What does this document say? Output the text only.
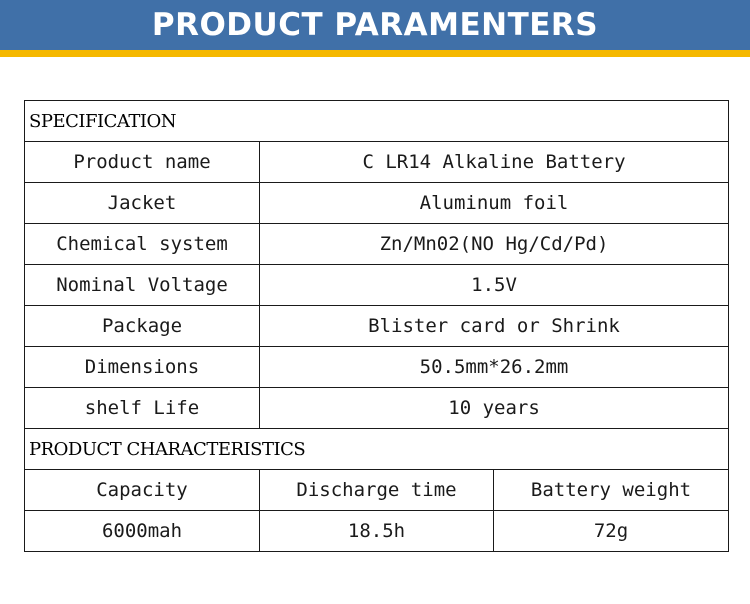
PRODUCT PARAMENTERS
SPECIFICATION		
Product name	C LR14 Alkaline Battery	
Jacket	Aluminum foil	
Chemical system	Zn/Mn02(NO Hg/Cd/Pd)	
Nominal Voltage	1.5V	
Package	Blister card or Shrink	
Dimensions	50.5mm*26.2mm	
shelf Life	10 years	
PRODUCT CHARACTERISTICS		
Capacity	Discharge time	Battery weight
6000mah	18.5h	72g
